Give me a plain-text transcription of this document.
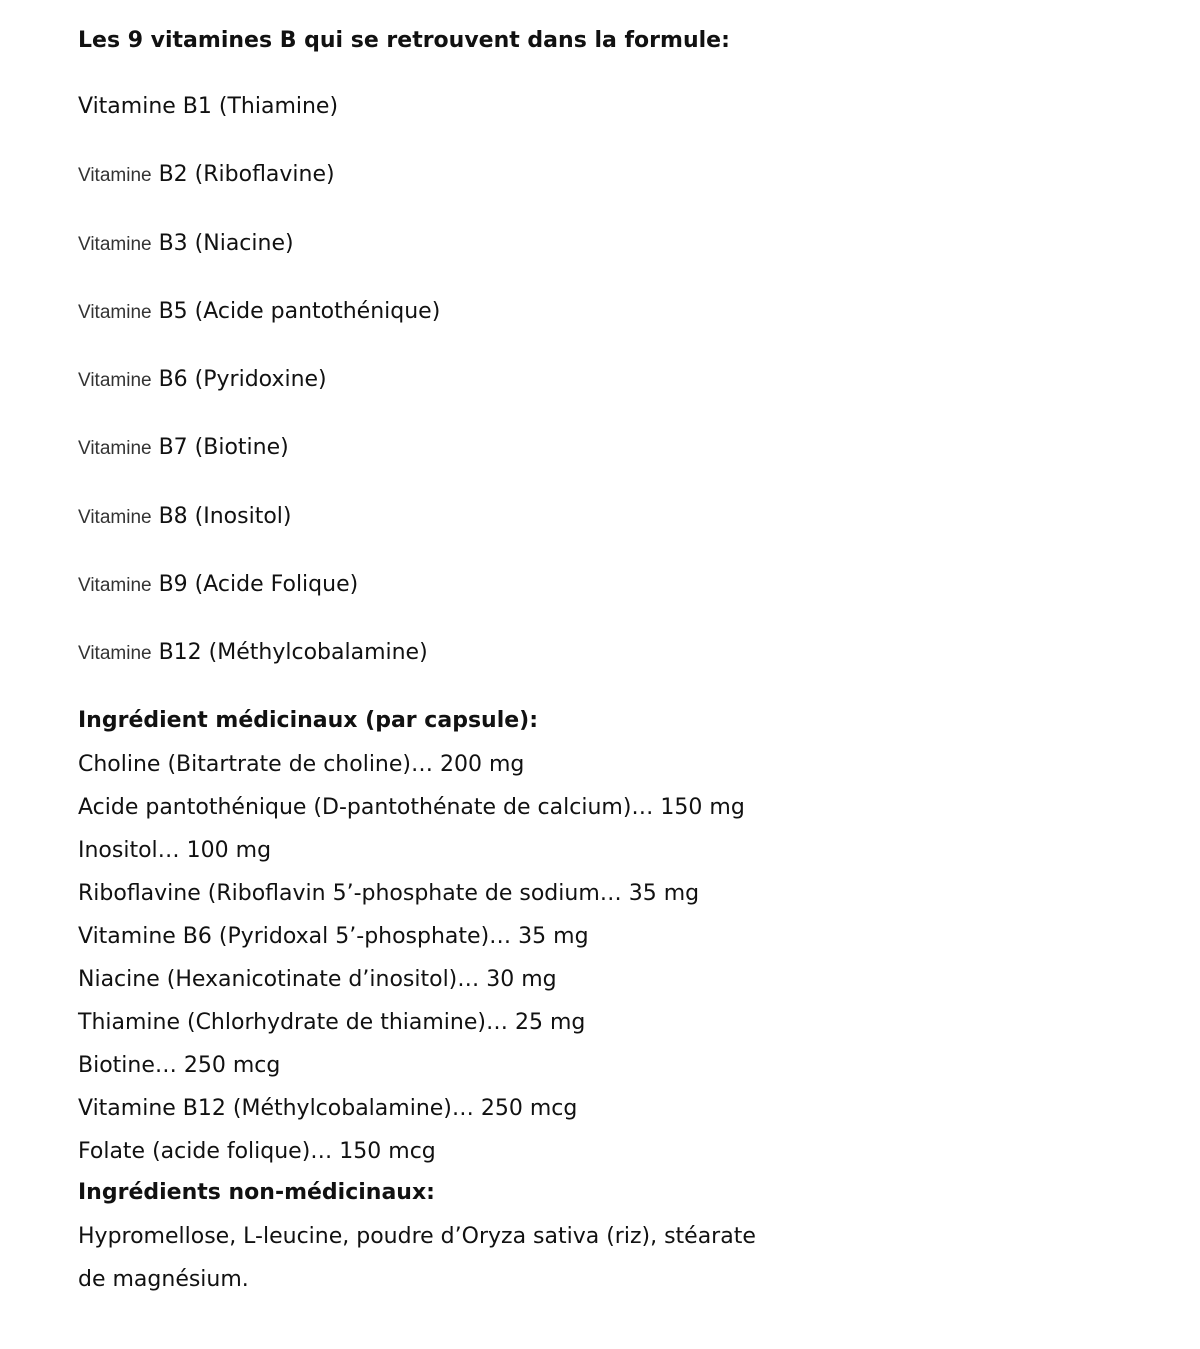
Les 9 vitamines B qui se retrouvent dans la formule:

Vitamine B1 (Thiamine)
Vitamine B2 (Riboflavine)
Vitamine B3 (Niacine)
Vitamine B5 (Acide pantothénique)
Vitamine B6 (Pyridoxine)
Vitamine B7 (Biotine)
Vitamine B8 (Inositol)
Vitamine B9 (Acide Folique)
Vitamine B12 (Méthylcobalamine)

Ingrédient médicinaux (par capsule):

Choline (Bitartrate de choline)… 200 mg
Acide pantothénique (D-pantothénate de calcium)… 150 mg
Inositol… 100 mg
Riboflavine (Riboflavin 5’-phosphate de sodium… 35 mg
Vitamine B6 (Pyridoxal 5’-phosphate)… 35 mg
Niacine (Hexanicotinate d’inositol)… 30 mg
Thiamine (Chlorhydrate de thiamine)… 25 mg
Biotine… 250 mcg
Vitamine B12 (Méthylcobalamine)… 250 mcg
Folate (acide folique)… 150 mcg

Ingrédients non-médicinaux:

Hypromellose, L-leucine, poudre d’Oryza sativa (riz), stéarate de magnésium.
